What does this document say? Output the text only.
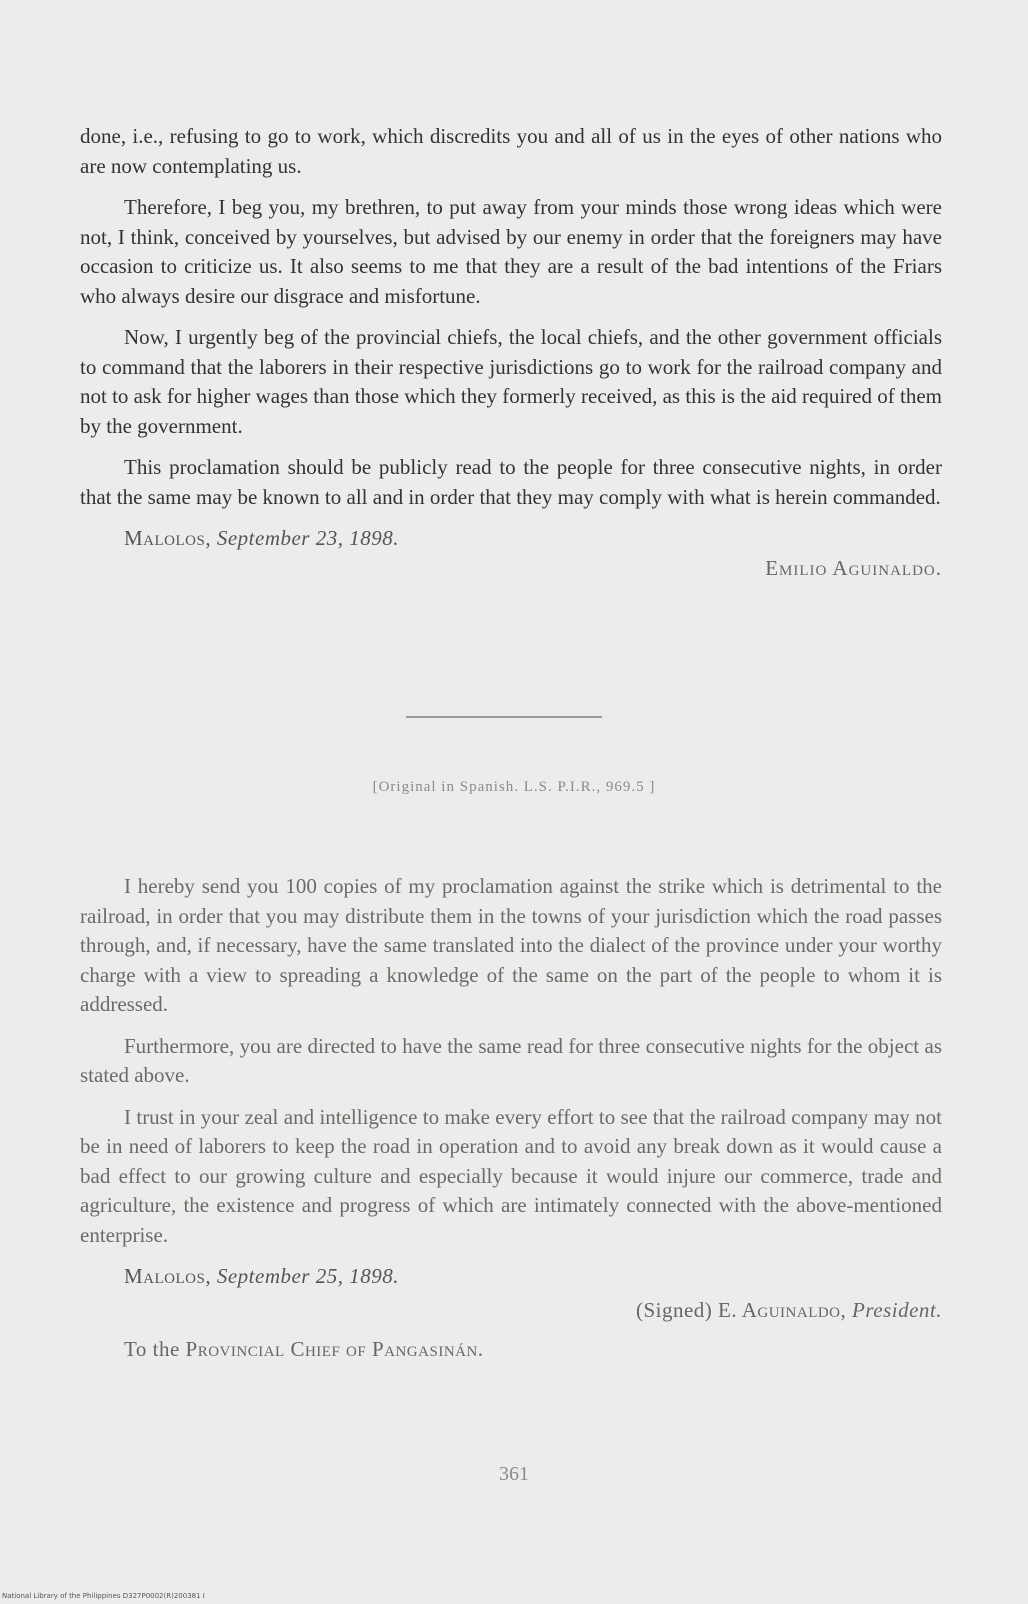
done, i.e., refusing to go to work, which discredits you and all of us in the eyes of other nations who are now contemplating us.

Therefore, I beg you, my brethren, to put away from your minds those wrong ideas which were not, I think, conceived by yourselves, but advised by our enemy in order that the foreigners may have occasion to criticize us. It also seems to me that they are a result of the bad intentions of the Friars who always desire our disgrace and misfortune.

Now, I urgently beg of the provincial chiefs, the local chiefs, and the other government officials to command that the laborers in their respective jurisdictions go to work for the railroad company and not to ask for higher wages than those which they formerly received, as this is the aid required of them by the government.

This proclamation should be publicly read to the people for three consecutive nights, in order that the same may be known to all and in order that they may comply with what is herein commanded.

Malolos, September 23, 1898.
Emilio Aguinaldo.
[Original in Spanish. L.S. P.I.R., 969.5 ]

I hereby send you 100 copies of my proclamation against the strike which is detrimental to the railroad, in order that you may distribute them in the towns of your jurisdiction which the road passes through, and, if necessary, have the same translated into the dialect of the province under your worthy charge with a view to spreading a knowledge of the same on the part of the people to whom it is addressed.

Furthermore, you are directed to have the same read for three consecutive nights for the object as stated above.

I trust in your zeal and intelligence to make every effort to see that the railroad company may not be in need of laborers to keep the road in operation and to avoid any break down as it would cause a bad effect to our growing culture and especially because it would injure our commerce, trade and agriculture, the existence and progress of which are intimately connected with the above-mentioned enterprise.

Malolos, September 25, 1898.
(Signed) E. Aguinaldo, President.
To the Provincial Chief of Pangasinán.
361
National Library of the Philippines D327P0002(R)200381 I
